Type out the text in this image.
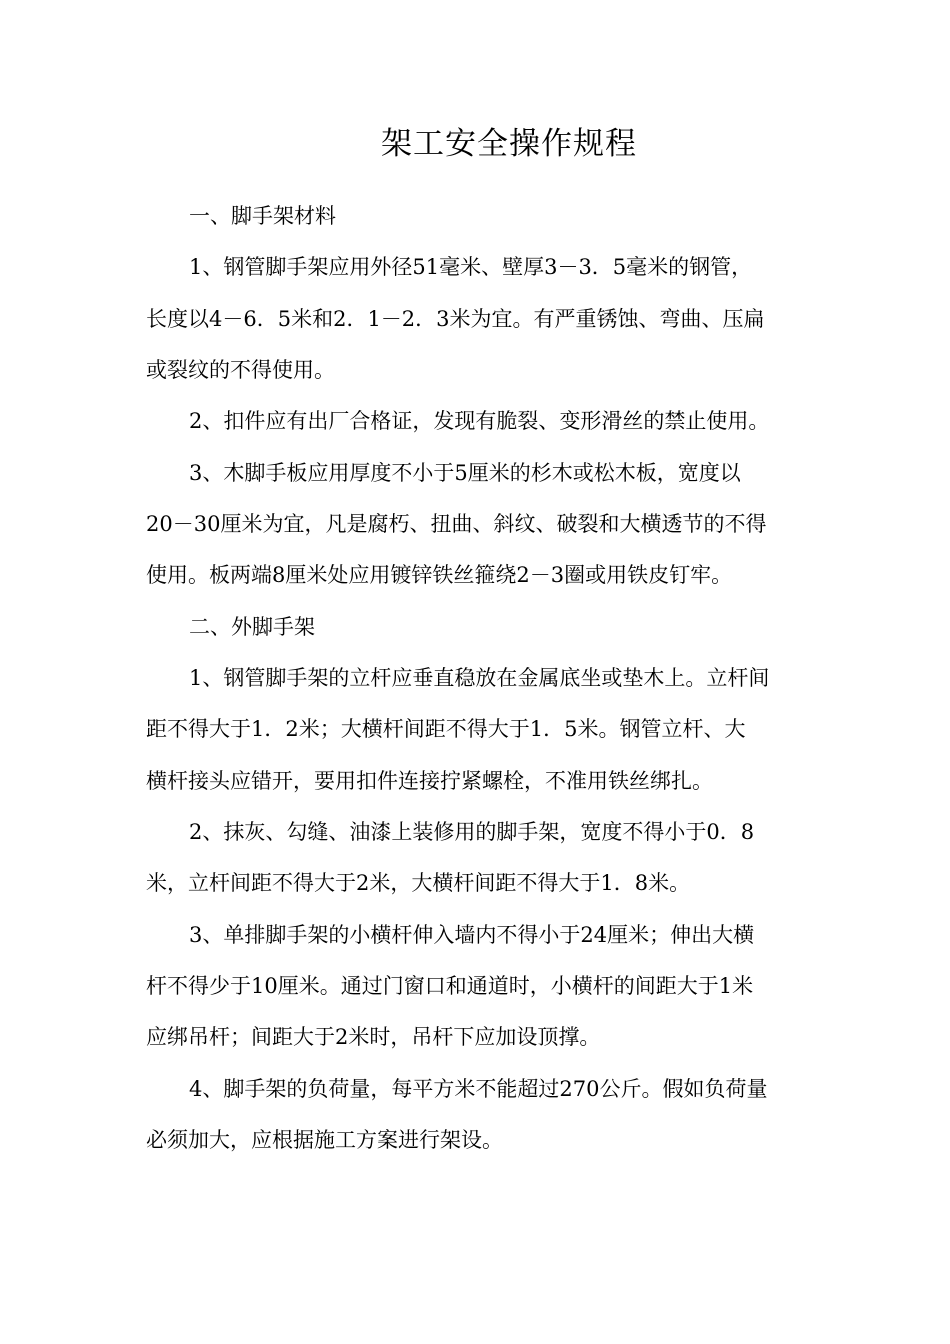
架工安全操作规程
一、脚手架材料
1、钢管脚手架应用外径51毫米、壁厚3－3．5毫米的钢管，
长度以4－6．5米和2．1－2．3米为宜。有严重锈蚀、弯曲、压扁
或裂纹的不得使用。
2、扣件应有出厂合格证，发现有脆裂、变形滑丝的禁止使用。
3、木脚手板应用厚度不小于5厘米的杉木或松木板，宽度以
20－30厘米为宜，凡是腐朽、扭曲、斜纹、破裂和大横透节的不得
使用。板两端8厘米处应用镀锌铁丝箍绕2－3圈或用铁皮钉牢。
二、外脚手架
1、钢管脚手架的立杆应垂直稳放在金属底坐或垫木上。立杆间
距不得大于1．2米；大横杆间距不得大于1．5米。钢管立杆、大
横杆接头应错开，要用扣件连接拧紧螺栓，不准用铁丝绑扎。
2、抹灰、勾缝、油漆上装修用的脚手架，宽度不得小于0．8
米，立杆间距不得大于2米，大横杆间距不得大于1．8米。
3、单排脚手架的小横杆伸入墙内不得小于24厘米；伸出大横
杆不得少于10厘米。通过门窗口和通道时，小横杆的间距大于1米
应绑吊杆；间距大于2米时，吊杆下应加设顶撑。
4、脚手架的负荷量，每平方米不能超过270公斤。假如负荷量
必须加大，应根据施工方案进行架设。
